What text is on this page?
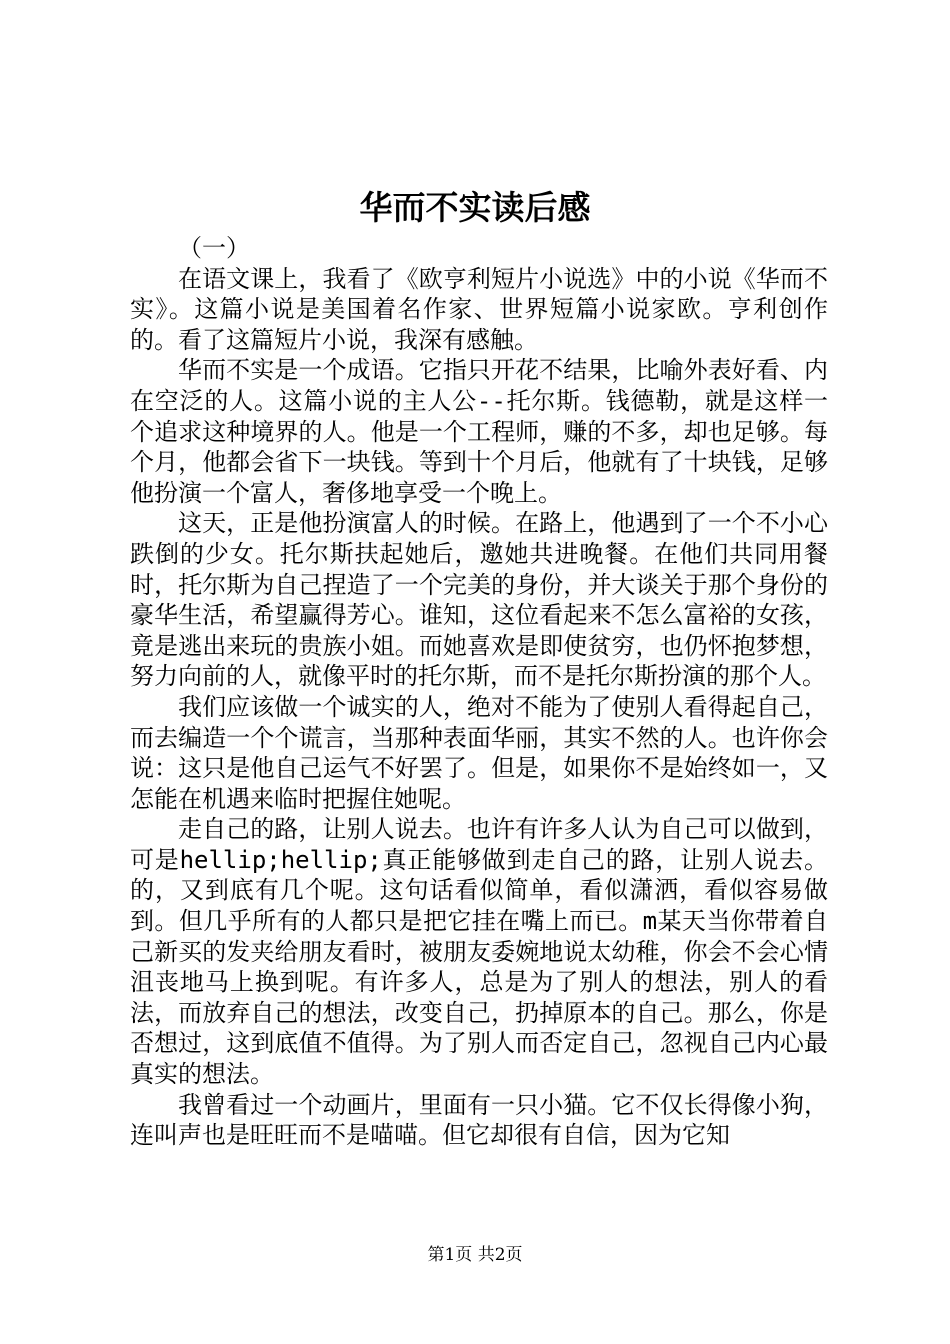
华而不实读后感

（一）

在语文课上，我看了《欧亨利短片小说选》中的小说《华而不实》。这篇小说是美国着名作家、世界短篇小说家欧。亨利创作的。看了这篇短片小说，我深有感触。

华而不实是一个成语。它指只开花不结果，比喻外表好看、内在空泛的人。这篇小说的主人公--托尔斯。钱德勒，就是这样一个追求这种境界的人。他是一个工程师，赚的不多，却也足够。每个月，他都会省下一块钱。等到十个月后，他就有了十块钱，足够他扮演一个富人，奢侈地享受一个晚上。

这天，正是他扮演富人的时候。在路上，他遇到了一个不小心跌倒的少女。托尔斯扶起她后，邀她共进晚餐。在他们共同用餐时，托尔斯为自己捏造了一个完美的身份，并大谈关于那个身份的豪华生活，希望赢得芳心。谁知，这位看起来不怎么富裕的女孩，竟是逃出来玩的贵族小姐。而她喜欢是即使贫穷，也仍怀抱梦想，努力向前的人，就像平时的托尔斯，而不是托尔斯扮演的那个人。

我们应该做一个诚实的人，绝对不能为了使别人看得起自己，而去编造一个个谎言，当那种表面华丽，其实不然的人。也许你会说：这只是他自己运气不好罢了。但是，如果你不是始终如一，又怎能在机遇来临时把握住她呢。

走自己的路，让别人说去。也许有许多人认为自己可以做到，可是hellip;hellip;真正能够做到走自己的路，让别人说去。的，又到底有几个呢。这句话看似简单，看似潇洒，看似容易做到。但几乎所有的人都只是把它挂在嘴上而已。m某天当你带着自己新买的发夹给朋友看时，被朋友委婉地说太幼稚，你会不会心情沮丧地马上换到呢。有许多人，总是为了别人的想法，别人的看法，而放弃自己的想法，改变自己，扔掉原本的自己。那么，你是否想过，这到底值不值得。为了别人而否定自己，忽视自己内心最真实的想法。

我曾看过一个动画片，里面有一只小猫。它不仅长得像小狗，连叫声也是旺旺而不是喵喵。但它却很有自信，因为它知

第1页 共2页
